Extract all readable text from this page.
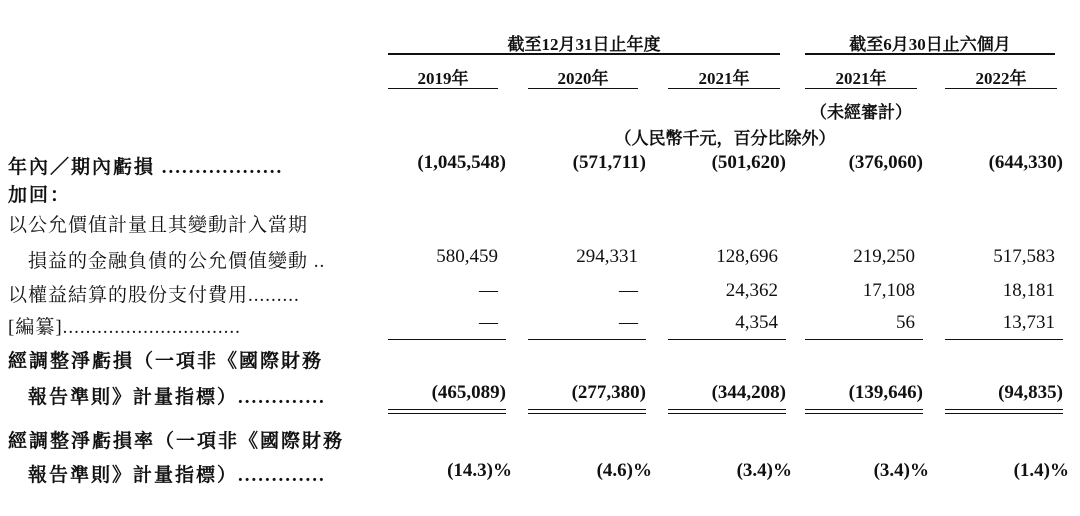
截至12月31日止年度	截至6月30日止六個月
2019年	2020年	2021年	2021年	2022年
（未經審計）
（人民幣千元，百分比除外）
年內／期內虧損 ..................	(1,045,548)	(571,711)	(501,620)	(376,060)	(644,330)
加回：
以公允價值計量且其變動計入當期
損益的金融負債的公允價值變動 ..	580,459	294,331	128,696	219,250	517,583
以權益結算的股份支付費用.........	—	—	24,362	17,108	18,181
[編纂]...............................	—	—	4,354	56	13,731
經調整淨虧損（一項非《國際財務
報告準則》計量指標）.............	(465,089)	(277,380)	(344,208)	(139,646)	(94,835)
經調整淨虧損率（一項非《國際財務
報告準則》計量指標）.............	(14.3)%	(4.6)%	(3.4)%	(3.4)%	(1.4)%
